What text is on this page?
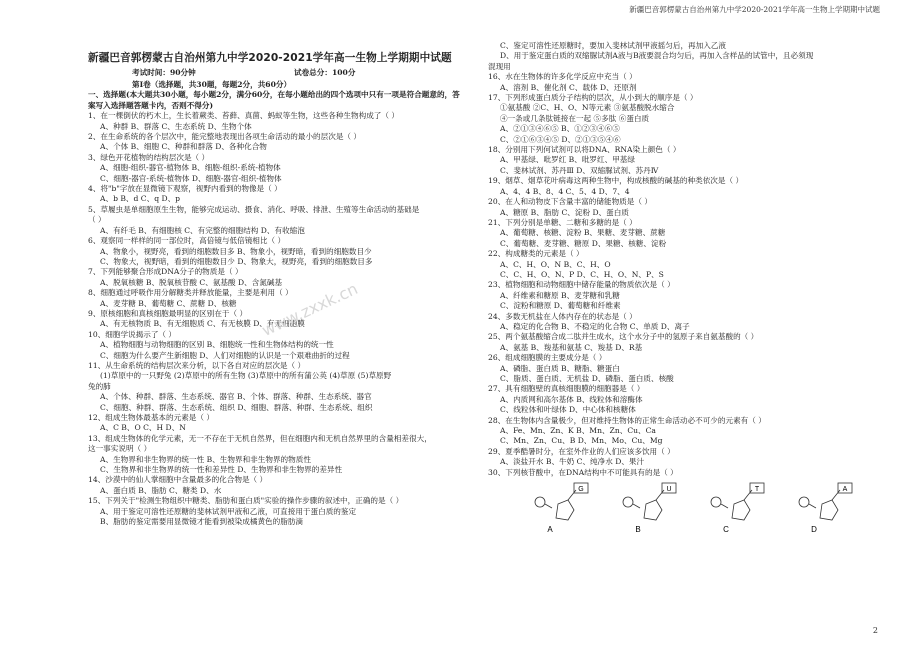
新疆巴音郭楞蒙古自治州第九中学2020-2021学年高一生物上学期期中试题
新疆巴音郭楞蒙古自治州第九中学2020-2021学年高一生物上学期期中试题
考试时间：90分钟	试卷总分：100分
第Ⅰ卷（选择题，共30题，每题2分，共60分）
一、选择题(本大题共30小题，每小题2分，满分60分，在每小题给出的四个选项中只有一项是符合题意的，答案写入选择题答题卡内，否则不得分)
1、在一棵倒伏的朽木上，生长着蕨类、苔藓、真菌、蚂蚁等生物，这些各种生物构成了（ ）
A、种群 B、群落 C、生态系统 D、生物个体
2、在生命系统的各个层次中，能完整地表现出各项生命活动的最小的层次是（ ）
A、个体 B、细胞 C、种群和群落 D、各种化合物
3、绿色开花植物的结构层次是（ ）
A、细胞-组织-器官-植物体 B、细胞-组织-系统-植物体
C、细胞-器官-系统-植物体 D、细胞-器官-组织-植物体
4、将"b"字放在显微镜下观察，视野内看到的物像是（ ）
A、b B、d C、q D、p
5、草履虫是单细胞原生生物，能够完成运动、摄食、消化、呼吸、排泄、生殖等生命活动的基础是
（ ）
A、有纤毛 B、有细胞核 C、有完整的细胞结构 D、有收缩泡
6、观察同一样样的同一部位时，高倍镜与低倍镜相比（ ）
A、物象小，视野亮，看到的细胞数目多 B、物象小，视野暗，看到的细胞数目少
C、物象大，视野暗，看到的细胞数目少 D、物象大，视野亮，看到的细胞数目多
7、下列能够聚合形成DNA分子的物质是（ ）
A、脱氧核糖 B、脱氧核苷酸 C、氨基酸 D、含氮碱基
8、细胞通过呼吸作用分解糖类并释放能量，主要是利用（ ）
A、麦芽糖 B、葡萄糖 C、蔗糖 D、核糖
9、原核细胞和真核细胞最明显的区别在于（ ）
A、有无核物质 B、有无细胞质 C、有无核膜 D、有无细胞膜
10、细胞学说揭示了（ ）
A、植物细胞与动物细胞的区别 B、细胞统一性和生物体结构的统一性
C、细胞为什么要产生新细胞 D、人们对细胞的认识是一个艰难曲折的过程
11、从生命系统的结构层次来分析，以下各自对应的层次是（ ）
(1)草原中的一只野兔 (2)草原中的所有生物 (3)草原中的所有蒲公英 (4)草原 (5)草原野
兔的肺
A、个体、种群、群落、生态系统、器官 B、个体、群落、种群、生态系统、器官
C、细胞、种群、群落、生态系统、组织 D、细胞、群落、种群、生态系统、组织
12、组成生物体最基本的元素是（ ）
A、C B、O C、H D、N
13、组成生物体的化学元素，无一不存在于无机自然界，但在细胞内和无机自然界里的含量相差很大，
这一事实说明（ ）
A、生物界和非生物界的统一性 B、生物界和非生物界的物质性
C、生物界和非生物界的统一性和差异性 D、生物界和非生物界的差异性
14、沙漠中的仙人掌细胞中含量最多的化合物是（ ）
A、蛋白质 B、脂肪 C、糖类 D、水
15、下列关于"检测生物组织中糖类、脂肪和蛋白质"实验的操作步骤的叙述中，正确的是（ ）
A、用于鉴定可溶性还原糖的斐林试剂甲液和乙液，可直接用于蛋白质的鉴定
B、脂肪的鉴定需要用显微镜才能看到被染成橘黄色的脂肪滴
C、鉴定可溶性还原糖时，要加入斐林试剂甲液摇匀后，再加入乙液
D、用于鉴定蛋白质的双缩脲试剂A液与B液要混合均匀后，再加入含样品的试管中，且必须现
混现用
16、水在生物体的许多化学反应中充当（ ）
A、溶剂 B、催化剂 C、载体 D、还原剂
17、下列形成蛋白质分子结构的层次，从小到大的顺序是（ ）
①氨基酸 ②C、H、O、N等元素 ③氨基酸脱水缩合
④一条或几条肽链接在一起 ⑤多肽 ⑥蛋白质
A、②①③④⑥⑤ B、①②③④⑥⑤
C、②①⑥③④⑤ D、②①③⑤④⑥
18、分别用下列何试剂可以将DNA、RNA染上颜色（ ）
A、甲基绿、吡罗红 B、吡罗红、甲基绿
C、斐林试剂、苏丹Ⅲ D、双缩脲试剂、苏丹Ⅳ
19、烟草、烟草花叶病毒这两种生物中，构成核酸的碱基的种类依次是（ ）
A、4、4 B、8、4 C、5、4 D、7、4
20、在人和动物皮下含量丰富的储能物质是（ ）
A、糖原 B、脂肪 C、淀粉 D、蛋白质
21、下列分别是单糖、二糖和多糖的是（ ）
A、葡萄糖、核糖、淀粉 B、果糖、麦芽糖、蔗糖
C、葡萄糖、麦芽糖、糖原 D、果糖、核糖、淀粉
22、构成糖类的元素是（ ）
A、C、H、O、N B、C、H、O
C、C、H、O、N、P D、C、H、O、N、P、S
23、植物细胞和动物细胞中储存能量的物质依次是（ ）
A、纤维素和糖原 B、麦芽糖和乳糖
C、淀粉和糖原 D、葡萄糖和纤维素
24、多数无机盐在人体内存在的状态是（ ）
A、稳定的化合物 B、不稳定的化合物 C、单质 D、离子
25、两个氨基酸缩合成二肽并生成水，这个水分子中的氢原子来自氨基酸的（ ）
A、氨基 B、羧基和氨基 C、羧基 D、R基
26、组成细胞膜的主要成分是（ ）
A、磷脂、蛋白质 B、糖脂、糖蛋白
C、脂质、蛋白质、无机盐 D、磷脂、蛋白质、核酸
27、具有细胞壁的真核细胞膜的细胞器是（ ）
A、内质网和高尔基体 B、线粒体和溶酶体
C、线粒体和叶绿体 D、中心体和核糖体
28、在生物体内含量极少，但对维持生物体的正常生命活动必不可少的元素有（ ）
A、Fe、Mn、Zn、K B、Mn、Zn、Cu、Ca
C、Mn、Zn、Cu、B D、Mn、Mo、Cu、Mg
29、夏季酷暑时分，在室外作业的人们应该多饮用（ ）
A、淡盐开水 B、牛奶 C、纯净水 D、果汁
30、下列核苷酸中，在DNA结构中不可能具有的是（ ）
G
A
U
B
T
C
A
D
www.zxxk.cn
2
